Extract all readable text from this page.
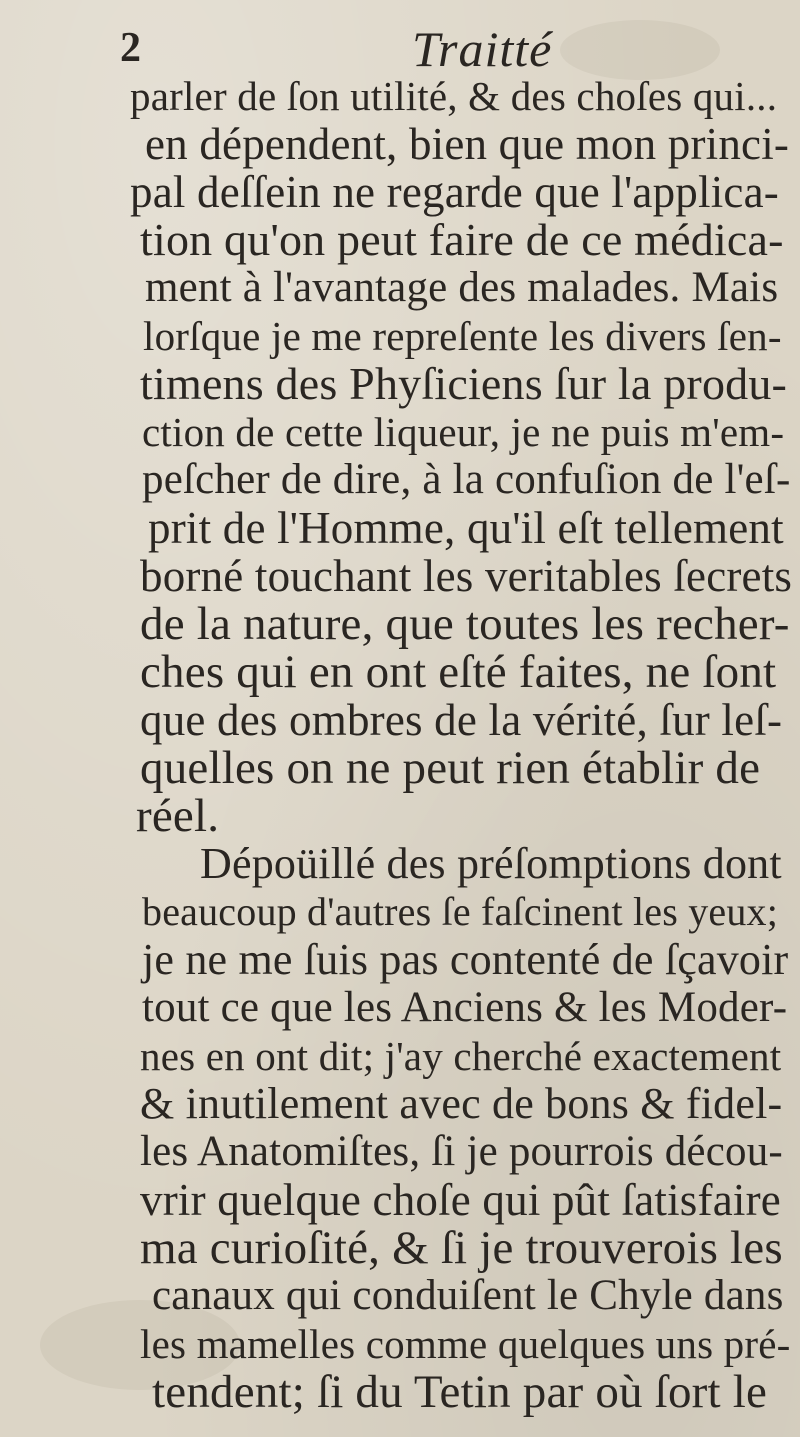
2	Traitté
parler de ſon utilité, & des choſes qui...
en dépendent, bien que mon princi-
pal deſſein ne regarde que l'applica-
tion qu'on peut faire de ce médica-
ment à l'avantage des malades. Mais
lorſque je me repreſente les divers ſen-
timens des Phyſiciens ſur la produ-
ction de cette liqueur, je ne puis m'em-
peſcher de dire, à la confuſion de l'eſ-
prit de l'Homme, qu'il eſt tellement
borné touchant les veritables ſecrets
de la nature, que toutes les recher-
ches qui en ont eſté faites, ne ſont
que des ombres de la vérité, ſur leſ-
quelles on ne peut rien établir de
réel.
Dépoüillé des préſomptions dont
beaucoup d'autres ſe faſcinent les yeux;
je ne me ſuis pas contenté de ſçavoir
tout ce que les Anciens & les Moder-
nes en ont dit; j'ay cherché exactement
& inutilement avec de bons & fidel-
les Anatomiſtes, ſi je pourrois décou-
vrir quelque choſe qui pût ſatisfaire
ma curioſité, & ſi je trouverois les
canaux qui conduiſent le Chyle dans
les mamelles comme quelques uns pré-
tendent; ſi du Tetin par où ſort le
